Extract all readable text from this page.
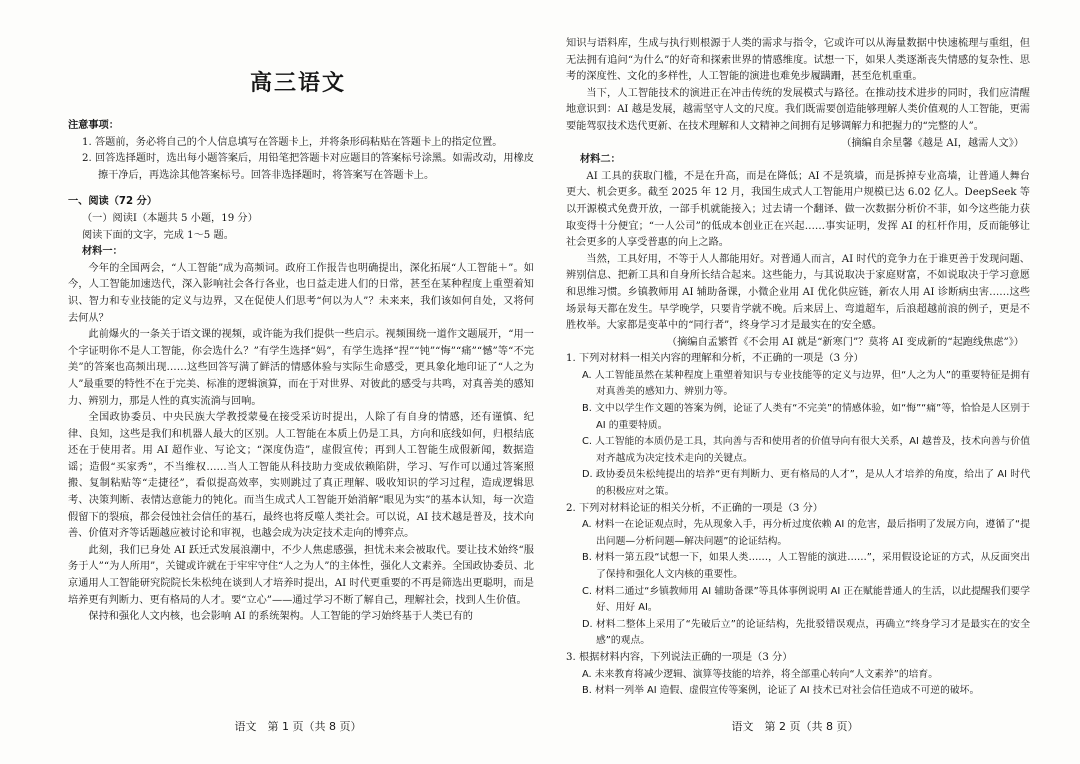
高三语文

注意事项：

1. 答题前，务必将自己的个人信息填写在答题卡上，并将条形码粘贴在答题卡上的指定位置。

2. 回答选择题时，选出每小题答案后，用铅笔把答题卡对应题目的答案标号涂黑。如需改动，用橡皮擦干净后，再选涂其他答案标号。回答非选择题时，将答案写在答题卡上。

一、阅读（72 分）

（一）阅读Ⅰ（本题共 5 小题，19 分）

阅读下面的文字，完成 1～5 题。

材料一：

今年的全国两会，“人工智能”成为高频词。政府工作报告也明确提出，深化拓展“人工智能＋”。如今，人工智能加速迭代，深入影响社会各行各业，也日益走进人们的日常，甚至在某种程度上重塑着知识、智力和专业技能的定义与边界，又在促使人们思考“何以为人”？未来来，我们该如何自处，又将何去何从？

此前爆火的一条关于语文课的视频，或许能为我们提供一些启示。视频围绕一道作文题展开，“用一个字证明你不是人工智能，你会选什么？”有学生选择“妈”，有学生选择“捏”“钝”“悔”“痛”“憾”等“不完美”的答案也高频出现……这些回答写满了鲜活的情感体验与实际生命感受，更具象化地印证了“人之为人”最重要的特性不在于完美、标准的逻辑演算，而在于对世界、对彼此的感受与共鸣，对真善美的感知力、辨别力，那是人性的真实流淌与回响。

全国政协委员、中央民族大学教授蒙曼在接受采访时提出，人除了有自身的情感，还有谨慎、纪律、良知，这些是我们和机器人最大的区别。人工智能在本质上仍是工具，方向和底线如何，归根结底还在于使用者。用 AI 超作业、写论文；“深度伪造”，虚假宣传；再到人工智能生成假新闻，数据造谣；造假“买家秀”，不当维权……当人工智能从科技助力变成依赖陷阱，学习、写作可以通过答案照搬、复制粘贴等“走捷径”，看似提高效率，实则跳过了真正理解、吸收知识的学习过程，造成逻辑思考、决策判断、表情达意能力的钝化。而当生成式人工智能开始消解“眼见为实”的基本认知，每一次造假留下的裂痕，都会侵蚀社会信任的基石，最终也将反噬人类社会。可以说，AI 技术越是普及，技术向善、价值对齐等话题越应被讨论和审视，也越会成为决定技术走向的博弈点。

此刻，我们已身处 AI 跃迁式发展浪潮中，不少人焦虑感强，担忧未来会被取代。要让技术始终“服务于人”“为人所用”，关键或许就在于牢牢守住“人之为人”的主体性，强化人文素养。全国政协委员、北京通用人工智能研究院院长朱松纯在谈到人才培养时提出，AI 时代更重要的不再是筛选出更聪明，而是培养更有判断力、更有格局的人才。要“立心”——通过学习不断了解自己，理解社会，找到人生价值。

保持和强化人文内核，也会影响 AI 的系统架构。人工智能的学习始终基于人类已有的

语文　第 1 页（共 8 页）

知识与语料库，生成与执行则根源于人类的需求与指令，它或许可以从海量数据中快速梳理与重组，但无法拥有追问“为什么”的好奇和探索世界的情感维度。试想一下，如果人类逐渐丧失情感的复杂性、思考的深度性、文化的多样性，人工智能的演进也难免步履蹒跚，甚至危机重重。

当下，人工智能技术的演进正在冲击传统的发展模式与路径。在推动技术进步的同时，我们应清醒地意识到：AI 越是发展，越需坚守人文的尺度。我们既需要创造能够理解人类价值观的人工智能，更需要能驾驭技术迭代更新、在技术理解和人文精神之间拥有足够调解力和把握力的“完整的人”。

（摘编自余星馨《越是 AI，越需人文》）

材料二：

AI 工具的获取门槛，不是在升高，而是在降低；AI 不是筑墙，而是拆掉专业高墙，让普通人舞台更大、机会更多。截至 2025 年 12 月，我国生成式人工智能用户规模已达 6.02 亿人。DeepSeek 等以开源模式免费开放，一部手机就能接入；过去请一个翻译、做一次数据分析价不菲，如今这些能力获取变得十分便宜；“一人公司”的低成本创业正在兴起……事实证明，发挥 AI 的杠杆作用，反而能够让社会更多的人享受普惠的向上之路。

当然，工具好用，不等于人人都能用好。对普通人而言，AI 时代的竞争力在于谁更善于发现问题、辨别信息、把新工具和自身所长结合起来。这些能力，与其说取决于家庭财富，不如说取决于学习意愿和思维习惯。乡镇教师用 AI 辅助备课，小微企业用 AI 优化供应链，新农人用 AI 诊断病虫害……这些场景每天都在发生。早学晚学，只要肯学就不晚。后来居上、弯道超车，后浪超越前浪的例子，更是不胜枚举。大家都是变革中的“同行者”，终身学习才是最实在的安全感。

（摘编自孟繁哲《不会用 AI 就是“新寒门”？莫将 AI 变成新的“起跑线焦虑”》）

1. 下列对材料一相关内容的理解和分析，不正确的一项是（3 分）

A. 人工智能虽然在某种程度上重塑着知识与专业技能等的定义与边界，但“人之为人”的重要特征是拥有对真善美的感知力、辨别力等。

B. 文中以学生作文题的答案为例，论证了人类有“不完美”的情感体验，如“悔”“痛”等，恰恰是人区别于 AI 的重要特质。

C. 人工智能的本质仍是工具，其向善与否和使用者的价值导向有很大关系，AI 越普及，技术向善与价值对齐越成为决定技术走向的关键点。

D. 政协委员朱松纯提出的培养“更有判断力、更有格局的人才”，是从人才培养的角度，给出了 AI 时代的积极应对之策。

2. 下列对材料论证的相关分析，不正确的一项是（3 分）

A. 材料一在论证观点时，先从现象入手，再分析过度依赖 AI 的危害，最后指明了发展方向，遵循了“提出问题—分析问题—解决问题”的论证结构。

B. 材料一第五段“试想一下，如果人类……，人工智能的演进……”，采用假设论证的方式，从反面突出了保持和强化人文内核的重要性。

C. 材料二通过“乡镇教师用 AI 辅助备课”等具体事例说明 AI 正在赋能普通人的生活，以此提醒我们要学好、用好 AI。

D. 材料二整体上采用了“先破后立”的论证结构，先批驳错误观点，再确立“终身学习才是最实在的安全感”的观点。

3. 根据材料内容，下列说法正确的一项是（3 分）

A. 未来教育将减少逻辑、演算等技能的培养，将全部重心转向“人文素养”的培育。

B. 材料一列举 AI 造假、虚假宣传等案例，论证了 AI 技术已对社会信任造成不可逆的破坏。

语文　第 2 页（共 8 页）
